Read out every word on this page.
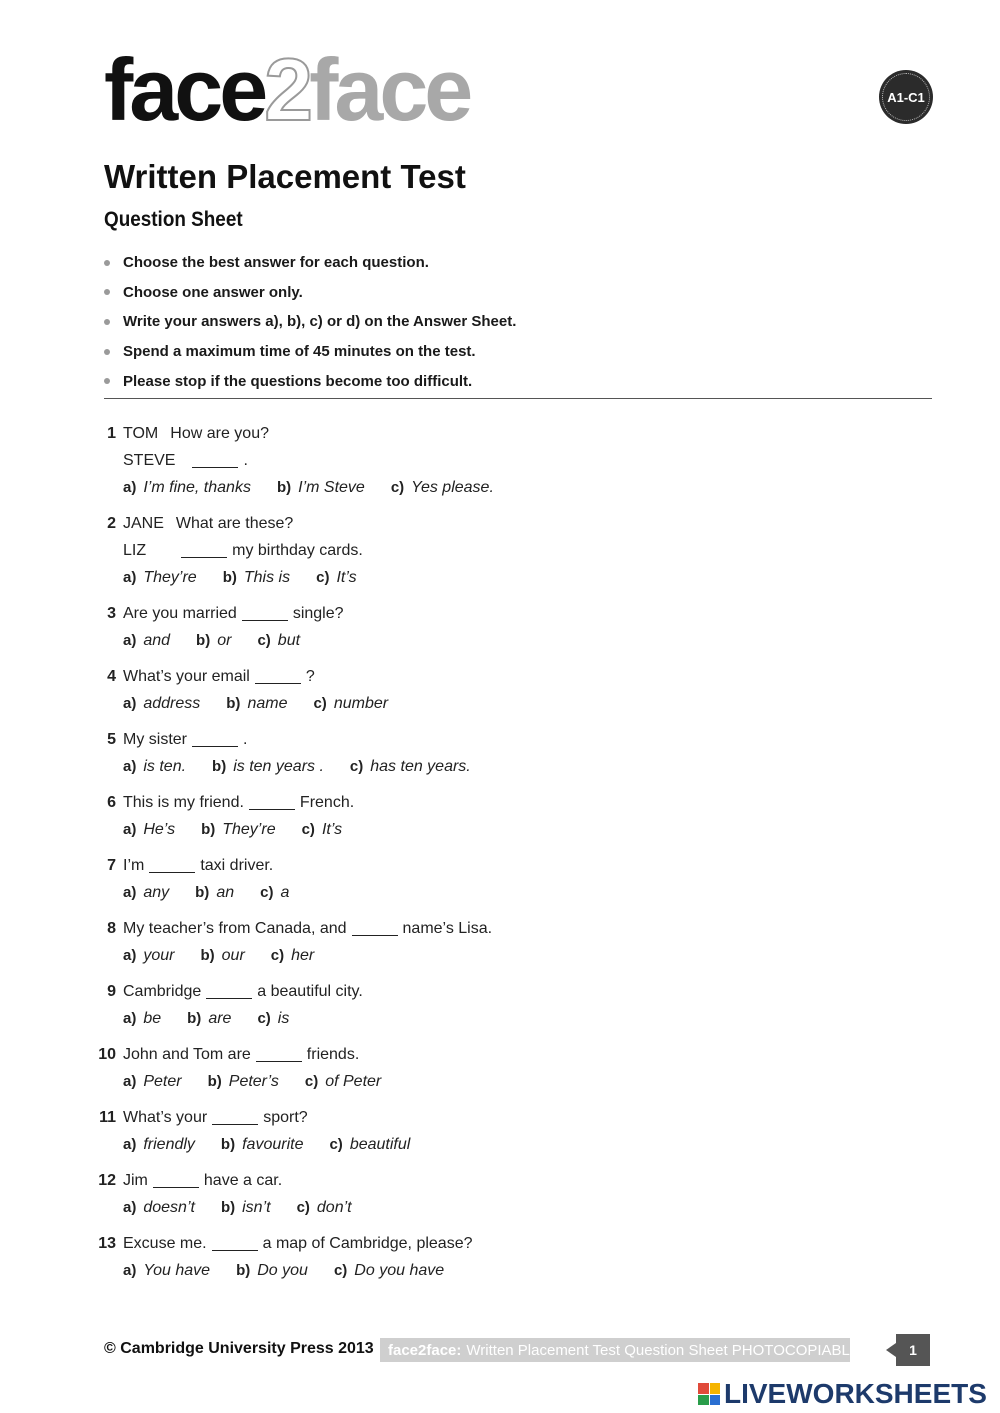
face2face	A1-C1
Written Placement Test
Question Sheet
Choose the best answer for each question.
Choose one answer only.
Write your answers a), b), c) or d) on the Answer Sheet.
Spend a maximum time of 45 minutes on the test.
Please stop if the questions become too difficult.
1 TOM How are you?
STEVE	.
a) I’m fine, thanks b) I’m Steve c) Yes please.
2 JANE What are these?
LIZ	my birthday cards.
a) They’re b) This is c) It’s
3 Are you married	single?
a) and b) or c) but
4 What’s your email	?
a) address b) name c) number
5 My sister	.
a) is ten. b) is ten years . c) has ten years.
6 This is my friend.	French.
a) He’s b) They’re c) It’s
7 I’m	taxi driver.
a) any b) an c) a
8 My teacher’s from Canada, and	name’s Lisa.
a) your b) our c) her
9 Cambridge	a beautiful city.
a) be b) are c) is
10 John and Tom are	friends.
a) Peter b) Peter’s c) of Peter
11 What’s your	sport?
a) friendly b) favourite c) beautiful
12 Jim	have a car.
a) doesn’t b) isn’t c) don’t
13 Excuse me.	a map of Cambridge, please?
a) You have b) Do you c) Do you have
© Cambridge University Press 2013 face2face: Written Placement Test Question Sheet PHOTOCOPIABLE	1
LIVEWORKSHEETS
